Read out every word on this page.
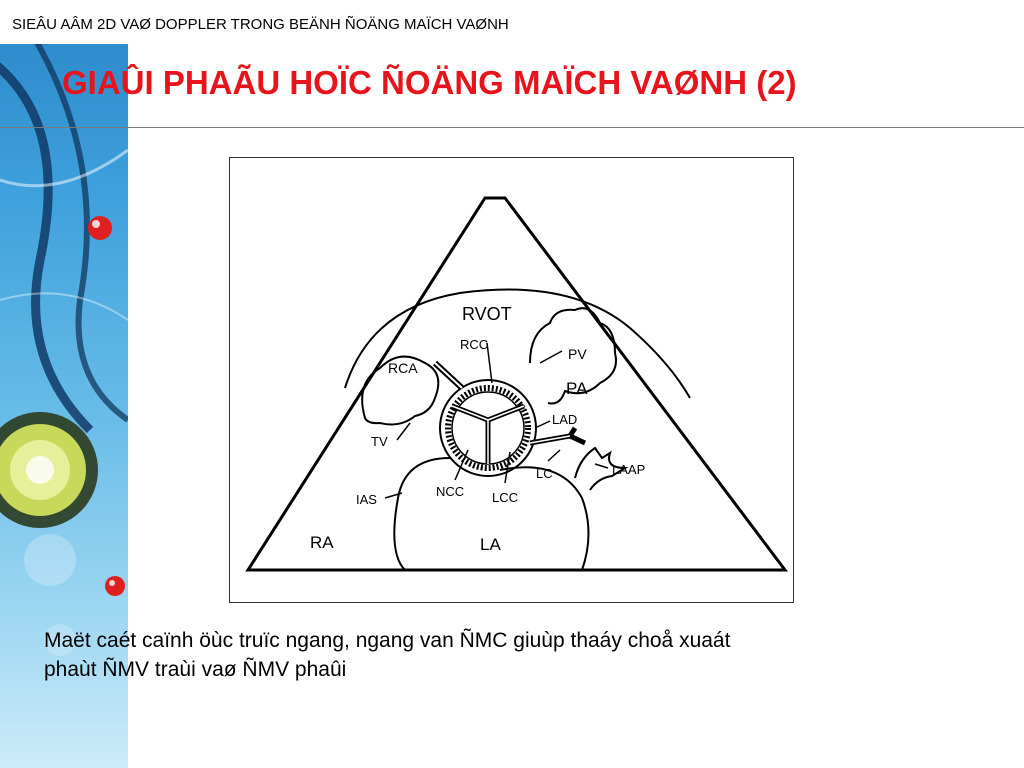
SIEÂU AÂM 2D VAØ DOPPLER TRONG BEÄNH ÑOÄNG MAÏCH VAØNH
GIAÛI PHAÃU HOÏC ÑOÄNG MAÏCH VAØNH (2)
RVOT
RCC
RCA
PV
PA
LAD
TV
LAAP
LC
IAS
NCC LCC
RA	LA
Maët caét caïnh öùc truïc ngang, ngang van ÑMC giuùp thaáy choå xuaát
phaùt ÑMV traùi vaø ÑMV phaûi
